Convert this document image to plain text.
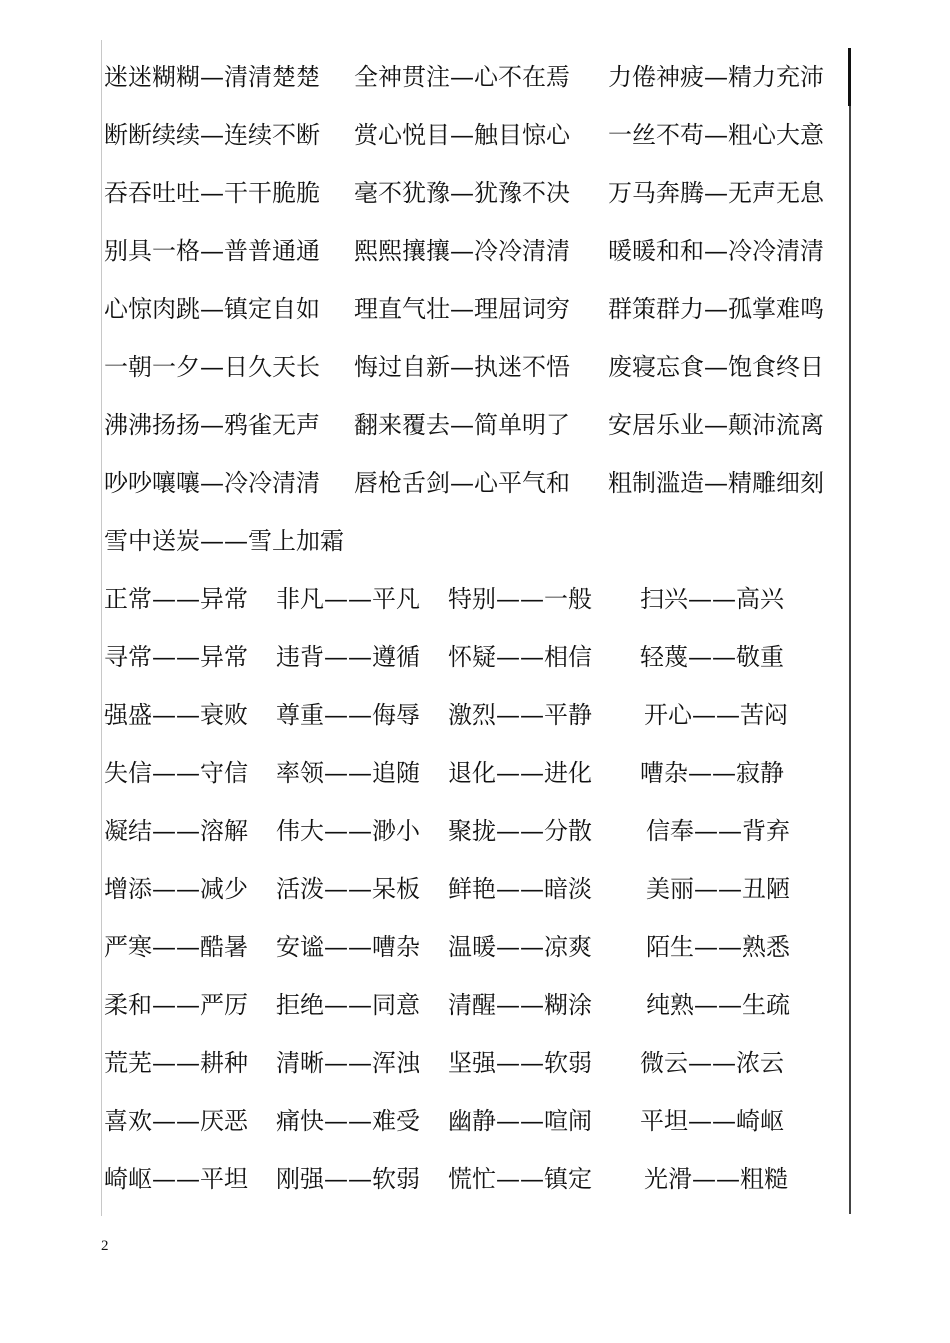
迷迷糊糊—清清楚楚 全神贯注—心不在焉 力倦神疲—精力充沛
断断续续—连续不断 赏心悦目—触目惊心 一丝不苟—粗心大意
吞吞吐吐—干干脆脆 毫不犹豫—犹豫不决 万马奔腾—无声无息
别具一格—普普通通 熙熙攘攘—冷冷清清 暖暖和和—冷冷清清
心惊肉跳—镇定自如 理直气壮—理屈词穷 群策群力—孤掌难鸣
一朝一夕—日久天长 悔过自新—执迷不悟 废寝忘食—饱食终日
沸沸扬扬—鸦雀无声 翻来覆去—简单明了 安居乐业—颠沛流离
吵吵嚷嚷—冷冷清清 唇枪舌剑—心平气和 粗制滥造—精雕细刻
雪中送炭——雪上加霜
正常——异常 非凡——平凡 特别——一般 扫兴——高兴
寻常——异常 违背——遵循 怀疑——相信 轻蔑——敬重
强盛——衰败 尊重——侮辱 激烈——平静 开心——苦闷
失信——守信 率领——追随 退化——进化 嘈杂——寂静
凝结——溶解 伟大——渺小 聚拢——分散 信奉——背弃
增添——减少 活泼——呆板 鲜艳——暗淡 美丽——丑陋
严寒——酷暑 安谧——嘈杂 温暖——凉爽 陌生——熟悉
柔和——严厉 拒绝——同意 清醒——糊涂 纯熟——生疏
荒芜——耕种 清晰——浑浊 坚强——软弱 微云——浓云
喜欢——厌恶 痛快——难受 幽静——喧闹 平坦——崎岖
崎岖——平坦 刚强——软弱 慌忙——镇定 光滑——粗糙
2
